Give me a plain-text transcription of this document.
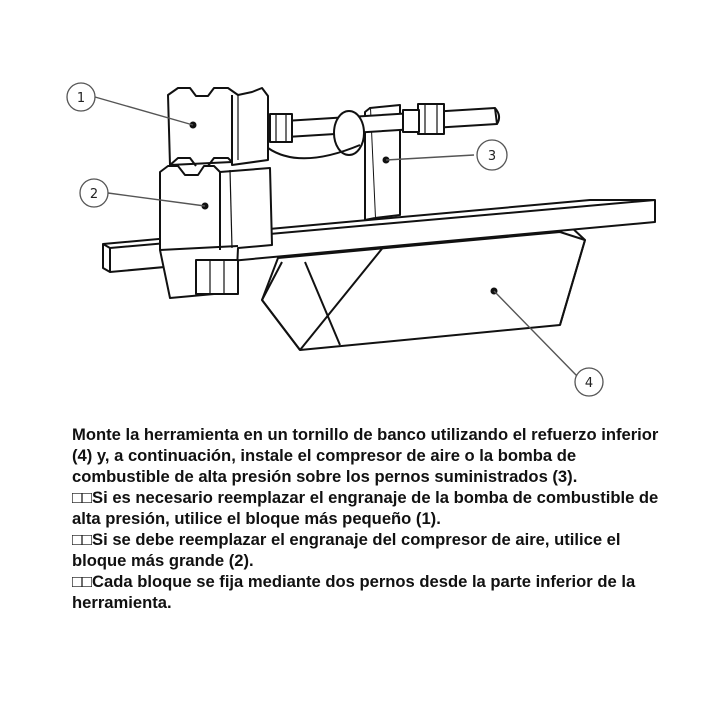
1
2
3
4

Monte la herramienta en un tornillo de banco utilizando el refuerzo inferior (4) y, a continuación, instale el compresor de aire o la bomba de combustible de alta presión sobre los pernos suministrados (3).

□□Si es necesario reemplazar el engranaje de la bomba de combustible de alta presión, utilice el bloque más pequeño (1).

□□Si se debe reemplazar el engranaje del compresor de aire, utilice el bloque más grande (2).

□□Cada bloque se fija mediante dos pernos desde la parte inferior de la herramienta.
